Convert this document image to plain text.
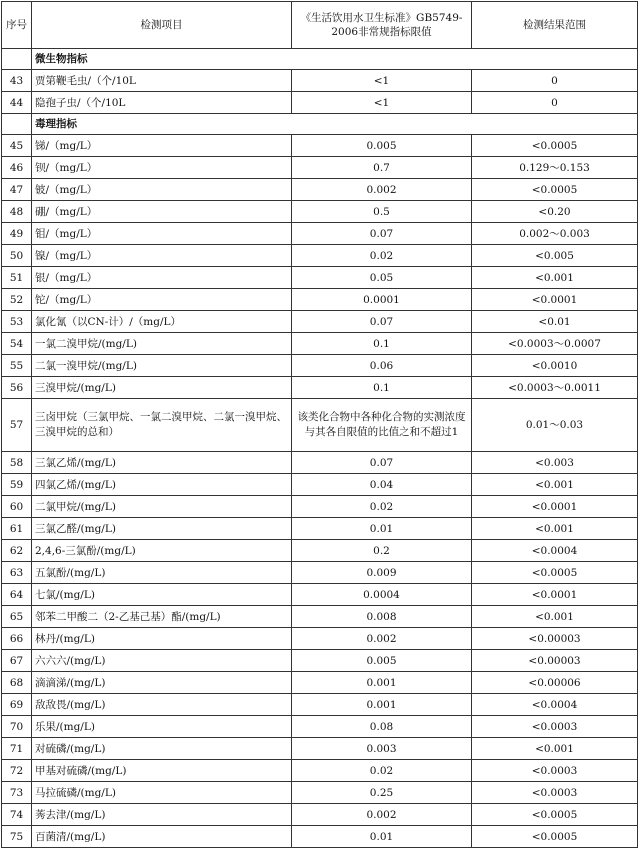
序号	检测项目	《生活饮用水卫生标准》GB5749-2006非常规指标限值	检测结果范围
	微生物指标		
43	贾第鞭毛虫/（个/10L	<1	0
44	隐孢子虫/（个/10L	<1	0
	毒理指标		
45	锑/（mg/L）	0.005	<0.0005
46	钡/（mg/L）	0.7	0.129～0.153
47	铍/（mg/L）	0.002	<0.0005
48	硼/（mg/L）	0.5	<0.20
49	钼/（mg/L）	0.07	0.002～0.003
50	镍/（mg/L）	0.02	<0.005
51	银/（mg/L）	0.05	<0.001
52	铊/（mg/L）	0.0001	<0.0001
53	氯化氰（以CN-计）/（mg/L）	0.07	<0.01
54	一氯二溴甲烷/(mg/L)	0.1	<0.0003～0.0007
55	二氯一溴甲烷/(mg/L)	0.06	<0.0010
56	三溴甲烷/(mg/L)	0.1	<0.0003～0.0011
57	三卤甲烷（三氯甲烷、一氯二溴甲烷、二氯一溴甲烷、三溴甲烷的总和）	该类化合物中各种化合物的实测浓度与其各自限值的比值之和不超过1	0.01～0.03
58	三氯乙烯/(mg/L)	0.07	<0.003
59	四氯乙烯/(mg/L)	0.04	<0.001
60	二氯甲烷/(mg/L)	0.02	<0.0001
61	三氯乙醛/(mg/L)	0.01	<0.001
62	2,4,6-三氯酚/(mg/L)	0.2	<0.0004
63	五氯酚/(mg/L)	0.009	<0.0005
64	七氯/(mg/L)	0.0004	<0.0001
65	邻苯二甲酸二（2-乙基己基）酯/(mg/L)	0.008	<0.001
66	林丹/(mg/L)	0.002	<0.00003
67	六六六/(mg/L)	0.005	<0.00003
68	滴滴涕/(mg/L)	0.001	<0.00006
69	敌敌畏/(mg/L)	0.001	<0.0004
70	乐果/(mg/L)	0.08	<0.0003
71	对硫磷/(mg/L)	0.003	<0.001
72	甲基对硫磷/(mg/L)	0.02	<0.0003
73	马拉硫磷/(mg/L)	0.25	<0.0003
74	莠去津/(mg/L)	0.002	<0.0005
75	百菌清/(mg/L)	0.01	<0.0005
